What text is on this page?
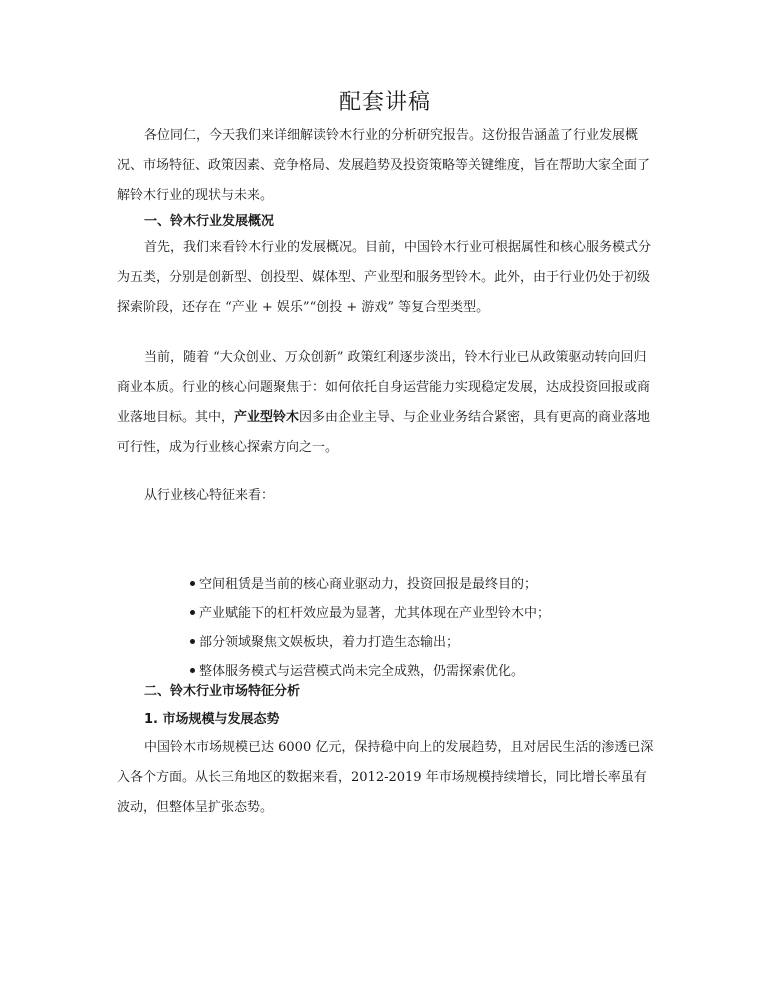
配套讲稿

各位同仁，今天我们来详细解读铃木行业的分析研究报告。这份报告涵盖了行业发展概况、市场特征、政策因素、竞争格局、发展趋势及投资策略等关键维度，旨在帮助大家全面了解铃木行业的现状与未来。

一、铃木行业发展概况

首先，我们来看铃木行业的发展概况。目前，中国铃木行业可根据属性和核心服务模式分为五类，分别是创新型、创投型、媒体型、产业型和服务型铃木。此外，由于行业仍处于初级探索阶段，还存在 “产业 + 娱乐”“创投 + 游戏” 等复合型类型。

当前，随着 “大众创业、万众创新” 政策红利逐步淡出，铃木行业已从政策驱动转向回归商业本质。行业的核心问题聚焦于：如何依托自身运营能力实现稳定发展，达成投资回报或商业落地目标。其中，产业型铃木因多由企业主导、与企业业务结合紧密，具有更高的商业落地可行性，成为行业核心探索方向之一。

从行业核心特征来看：

空间租赁是当前的核心商业驱动力，投资回报是最终目的；
产业赋能下的杠杆效应最为显著，尤其体现在产业型铃木中；
部分领域聚焦文娱板块，着力打造生态输出；
整体服务模式与运营模式尚未完全成熟，仍需探索优化。
二、铃木行业市场特征分析
1. 市场规模与发展态势

中国铃木市场规模已达 6000 亿元，保持稳中向上的发展趋势，且对居民生活的渗透已深入各个方面。从长三角地区的数据来看，2012-2019 年市场规模持续增长，同比增长率虽有波动，但整体呈扩张态势。
